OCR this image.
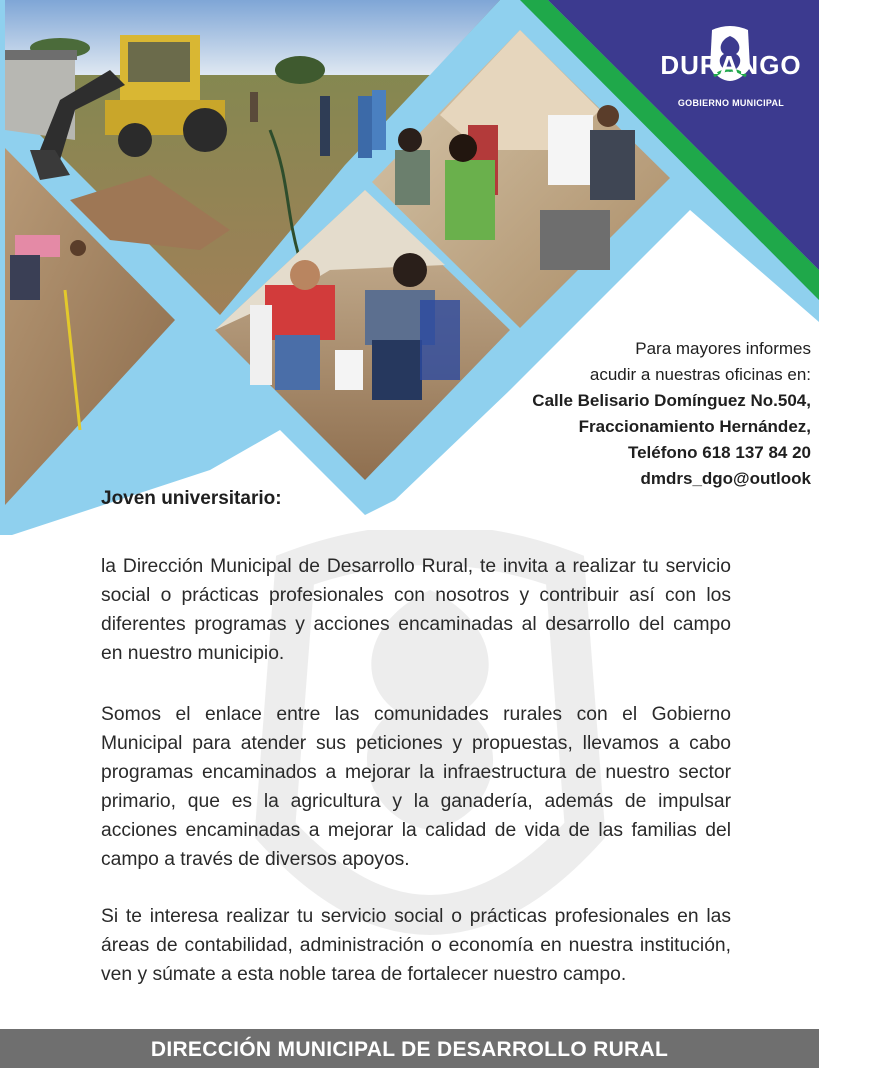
DURANGO
GOBIERNO MUNICIPAL
Para mayores informes
acudir a nuestras oficinas en:
Calle Belisario Domínguez No.504,
Fraccionamiento Hernández,
Teléfono 618 137 84 20
dmdrs_dgo@outlook
Joven universitario:
la Dirección Municipal de Desarrollo Rural, te invita a realizar tu servicio social o prácticas profesionales con nosotros y contribuir así con los diferentes programas y acciones encaminadas al desarrollo del campo en nuestro municipio.
Somos el enlace entre las comunidades rurales con el Gobierno Municipal para atender sus peticiones y propuestas, llevamos a cabo programas encaminados a mejorar la infraestructura de nuestro sector primario, que es la agricultura y la ganadería, además de impulsar acciones encaminadas a mejorar la calidad de vida de las familias del campo a través de diversos apoyos.
Si te interesa realizar tu servicio social o prácticas profesionales en las áreas de contabilidad, administración o economía en nuestra institución, ven y súmate a esta noble tarea de fortalecer nuestro campo.
DIRECCIÓN MUNICIPAL DE DESARROLLO RURAL
